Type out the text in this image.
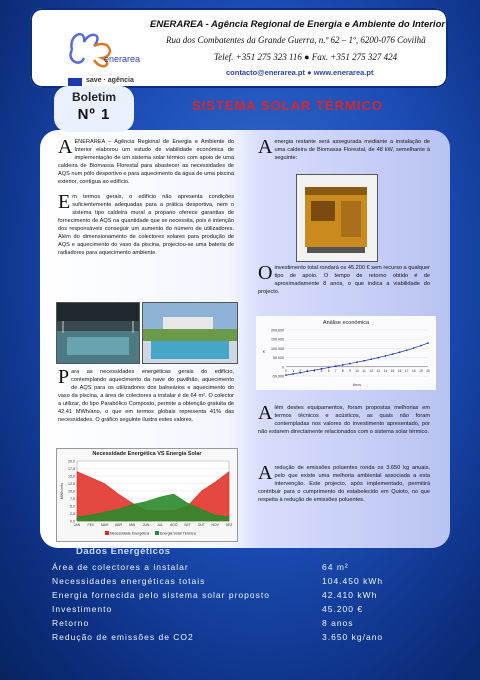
enerarea
save · agência
ENERAREA - Agência Regional de Energia e Ambiente do Interior
Rua dos Combatentes da Grande Guerra, n.º 62 – 1º, 6200-076 Covilhã
Telef. +351 275 323 116 ● Fax. +351 275 327 424
contacto@enerarea.pt ● www.enerarea.pt
Boletim
Nº 1
SISTEMA SOLAR TÉRMICO
AENERAREA – Agência Regional de Energia e Ambiente do Interior elaborou um estudo de viabilidade económica de implementação de um sistema solar térmico com apoio de uma caldeira de Biomassa Florestal para abastecer as necessidades de AQS num pólo desportivo e para aquecimento da água de uma piscina exterior, contígua ao edifício.
Em termos gerais, o edifício não apresenta condições suficientemente adequadas para a prática desportiva, nem o sistema tipo caldeira mural a propano oferece garantias de fornecimento de AQS na quantidade que se necessita, pois é intenção dos responsáveis conseguir um aumento do número de utilizadores. Além do dimensionamento de colectores solares para produção de AQS e aquecimento do vaso da piscina, projectou-se uma bateria de radiadores para aquecimento ambiente.
Para as necessidades energéticas gerais do edifício, contemplando aquecimento da nave do pavilhão, aquecimento de AQS para os utilizadores dos balneários e aquecimento do vaso da piscina, a área de colectores a instalar é de 64 m². O colector a utilizar, do tipo Parabólico Composto, permite a obtenção gratuita de 42,41 MWh/ano, o que em termos globais representa 41% das necessidades. O gráfico seguinte ilustra estes valores.
Necessidade Energética VS Energia Solar
0,0
2,5
5,0
7,5
10,0
12,5
15,0
17,5
20,0
MWh/mês
JAN FEV MAR ABR MAI JUN JUL AGO SET OUT NOV DEZ
Necessidade Energética	Energia Solar Térmica
Aenergia restante será assegurada mediante a instalação de uma caldeira de Biomassa Florestal, de 48 kW, semelhante à seguinte:
O investimento total rondará os 45.200 € sem recurso a qualquer tipo de apoio. O tempo de retorno obtido é de aproximadamente 8 anos, o que indica a viabilidade do projecto.
Análise económica
-50.000
0
50.000
100.000
150.000
200.000
€
0 1 2 3 4 5 6 7 8 9 10 11 12 13 14 15 16 17 18 19 20
Anos
Além destes equipamentos, foram propostas melhorias em termos técnicos e acústicos, as quais não foram contempladas nos valores do investimento apresentado, por não estarem directamente relacionados com o sistema solar térmico.
A redução de emissões poluentes ronda os 3.650 kg anuais, pelo que existe uma melhoria ambiental associada a esta intervenção. Este projecto, após implementado, permitirá contribuir para o cumprimento do estabelecido em Quioto, no que respeita à redução de emissões poluentes.
Dados Energéticos
Área de colectores a instalar	64 m²
Necessidades energéticas totais	104.450 kWh
Energia fornecida pelo sistema solar proposto	42.410 kWh
Investimento	45.200 €
Retorno	8 anos
Redução de emissões de CO2	3.650 kg/ano
